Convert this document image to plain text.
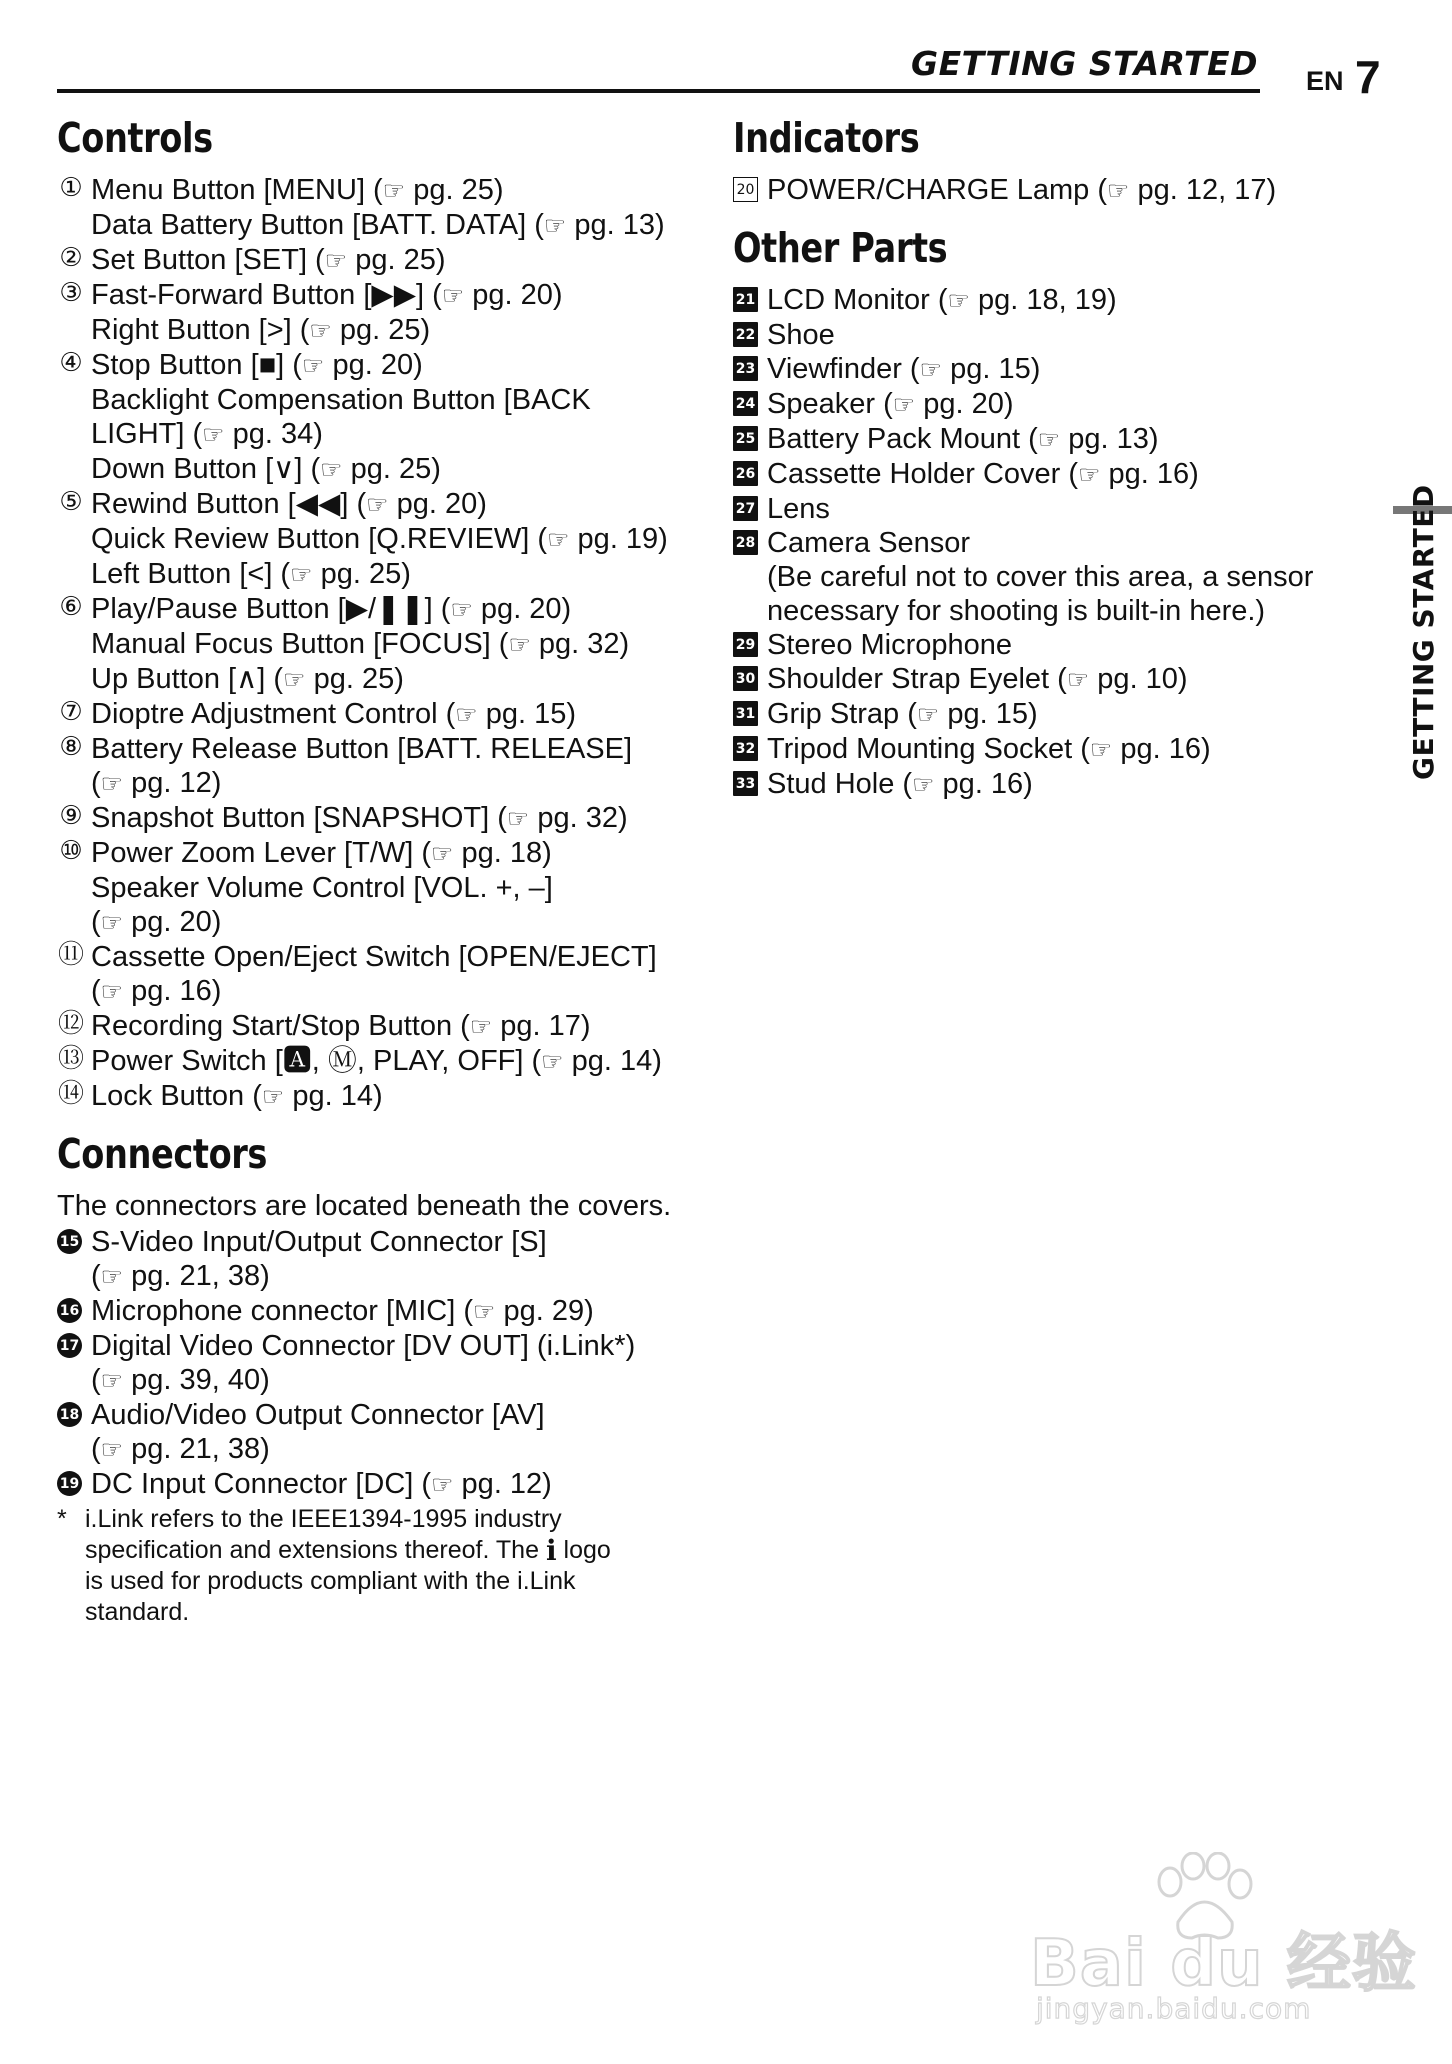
GETTING STARTED EN 7
Controls
① Menu Button [MENU] (☞ pg. 25)
Data Battery Button [BATT. DATA] (☞ pg. 13)
② Set Button [SET] (☞ pg. 25)
③ Fast-Forward Button [▶▶] (☞ pg. 20)
Right Button [>] (☞ pg. 25)
④ Stop Button [■] (☞ pg. 20)
Backlight Compensation Button [BACK
LIGHT] (☞ pg. 34)
Down Button [∨] (☞ pg. 25)
⑤ Rewind Button [◀◀] (☞ pg. 20)
Quick Review Button [Q.REVIEW] (☞ pg. 19)
Left Button [<] (☞ pg. 25)
⑥ Play/Pause Button [▶/❚❚] (☞ pg. 20)
Manual Focus Button [FOCUS] (☞ pg. 32)
Up Button [∧] (☞ pg. 25)
⑦ Dioptre Adjustment Control (☞ pg. 15)
⑧ Battery Release Button [BATT. RELEASE]
(☞ pg. 12)
⑨ Snapshot Button [SNAPSHOT] (☞ pg. 32)
⑩ Power Zoom Lever [T/W] (☞ pg. 18)
Speaker Volume Control [VOL. +, –]
(☞ pg. 20)
⑪ Cassette Open/Eject Switch [OPEN/EJECT]
(☞ pg. 16)
⑫ Recording Start/Stop Button (☞ pg. 17)
⑬ Power Switch [🅰, Ⓜ, PLAY, OFF] (☞ pg. 14)
⑭ Lock Button (☞ pg. 14)
Connectors
The connectors are located beneath the covers.
15 S-Video Input/Output Connector [S]
(☞ pg. 21, 38)
16 Microphone connector [MIC] (☞ pg. 29)
17 Digital Video Connector [DV OUT] (i.Link*)
(☞ pg. 39, 40)
18 Audio/Video Output Connector [AV]
(☞ pg. 21, 38)
19 DC Input Connector [DC] (☞ pg. 12)
* i.Link refers to the IEEE1394-1995 industry
specification and extensions thereof. The i logo
is used for products compliant with the i.Link
standard.
Indicators
20 POWER/CHARGE Lamp (☞ pg. 12, 17)
Other Parts
21 LCD Monitor (☞ pg. 18, 19)
22 Shoe
23 Viewfinder (☞ pg. 15)
24 Speaker (☞ pg. 20)
25 Battery Pack Mount (☞ pg. 13)
26 Cassette Holder Cover (☞ pg. 16)
27 Lens
28 Camera Sensor
(Be careful not to cover this area, a sensor
necessary for shooting is built-in here.)
29 Stereo Microphone
30 Shoulder Strap Eyelet (☞ pg. 10)
31 Grip Strap (☞ pg. 15)
32 Tripod Mounting Socket (☞ pg. 16)
33 Stud Hole (☞ pg. 16)
GETTING STARTED
Bai du 经验
jingyan.baidu.com
